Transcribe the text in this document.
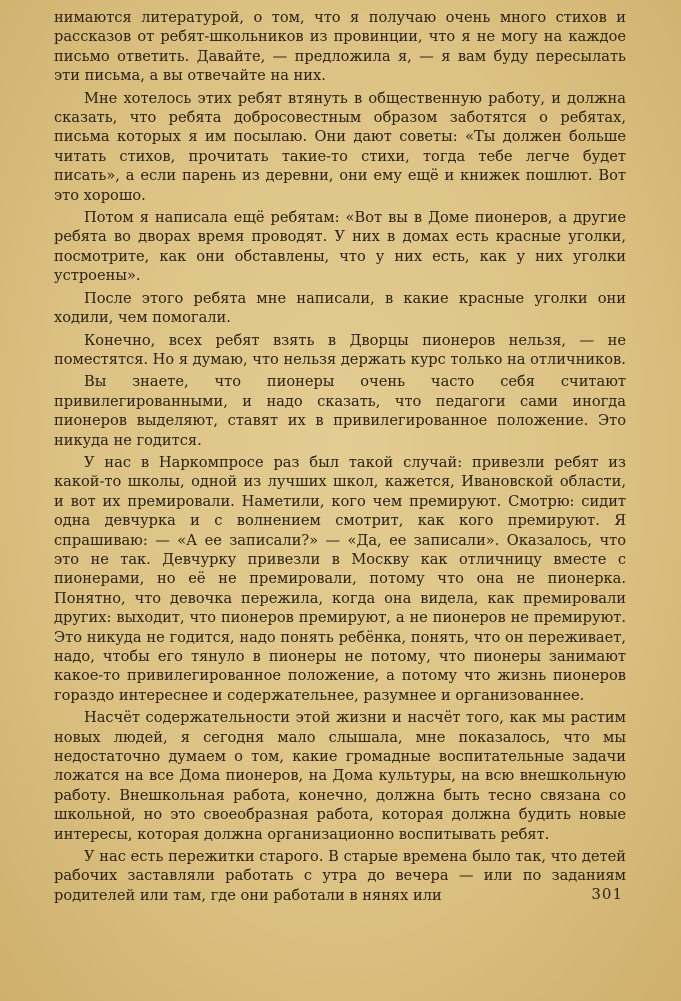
нимаются литературой, о том, что я получаю очень много стихов и рассказов от ребят-школьников из провинции, что я не могу на каждое письмо ответить. Давайте, — предложила я, — я вам буду пересылать эти письма, а вы отвечайте на них.

Мне хотелось этих ребят втянуть в общественную работу, и должна сказать, что ребята добросовестным образом заботятся о ребятах, письма которых я им посылаю. Они дают советы: «Ты должен больше читать стихов, прочитать такие-то стихи, тогда тебе легче будет писать», а если парень из деревни, они ему ещё и книжек пошлют. Вот это хорошо.

Потом я написала ещё ребятам: «Вот вы в Доме пионеров, а другие ребята во дворах время проводят. У них в домах есть красные уголки, посмотрите, как они обставлены, что у них есть, как у них уголки устроены».

После этого ребята мне написали, в какие красные уголки они ходили, чем помогали.

Конечно, всех ребят взять в Дворцы пионеров нельзя, — не поместятся. Но я думаю, что нельзя держать курс только на отличников.

Вы знаете, что пионеры очень часто себя считают привилегированными, и надо сказать, что педагоги сами иногда пионеров выделяют, ставят их в привилегированное положение. Это никуда не годится.

У нас в Наркомпросе раз был такой случай: привезли ребят из какой-то школы, одной из лучших школ, кажется, Ивановской области, и вот их премировали. Наметили, кого чем премируют. Смотрю: сидит одна девчурка и с волнением смотрит, как кого премируют. Я спрашиваю: — «А ее записали?» — «Да, ее записали». Оказалось, что это не так. Девчурку привезли в Москву как отличницу вместе с пионерами, но её не премировали, потому что она не пионерка. Понятно, что девочка пережила, когда она видела, как премировали других: выходит, что пионеров премируют, а не пионеров не премируют. Это никуда не годится, надо понять ребёнка, понять, что он переживает, надо, чтобы его тянуло в пионеры не потому, что пионеры занимают какое-то привилегированное положение, а потому что жизнь пионеров гораздо интереснее и содержательнее, разумнее и организованнее.

Насчёт содержательности этой жизни и насчёт того, как мы растим новых людей, я сегодня мало слышала, мне показалось, что мы недостаточно думаем о том, какие громадные воспитательные задачи ложатся на все Дома пионеров, на Дома культуры, на всю внешкольную работу. Внешкольная работа, конечно, должна быть тесно связана со школьной, но это своеобразная работа, которая должна будить новые интересы, которая должна организационно воспитывать ребят.

У нас есть пережитки старого. В старые времена было так, что детей рабочих заставляли работать с утра до вечера — или по заданиям родителей или там, где они работали в нянях или	301
